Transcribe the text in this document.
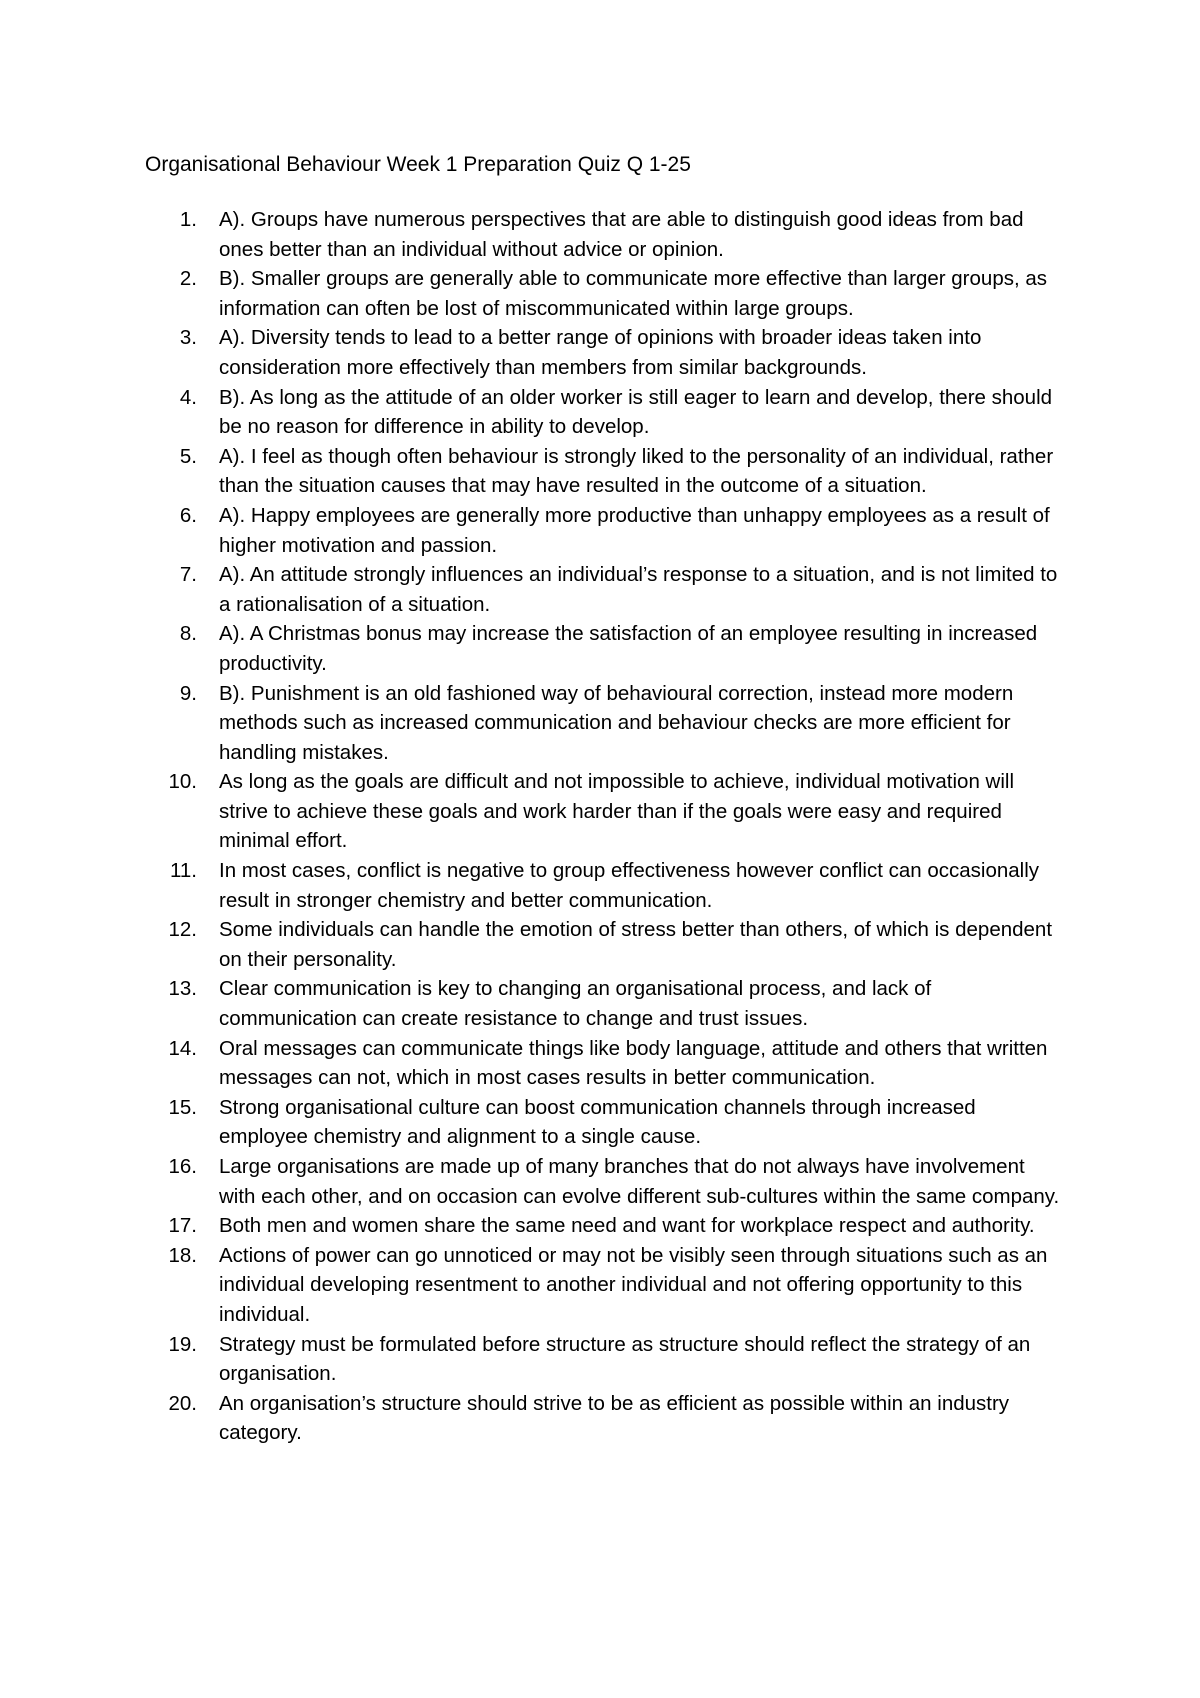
Organisational Behaviour Week 1 Preparation Quiz Q 1-25

1. A). Groups have numerous perspectives that are able to distinguish good ideas from bad ones better than an individual without advice or opinion.
2. B). Smaller groups are generally able to communicate more effective than larger groups, as information can often be lost of miscommunicated within large groups.
3. A). Diversity tends to lead to a better range of opinions with broader ideas taken into consideration more effectively than members from similar backgrounds.
4. B). As long as the attitude of an older worker is still eager to learn and develop, there should be no reason for difference in ability to develop.
5. A). I feel as though often behaviour is strongly liked to the personality of an individual, rather than the situation causes that may have resulted in the outcome of a situation.
6. A). Happy employees are generally more productive than unhappy employees as a result of higher motivation and passion.
7. A). An attitude strongly influences an individual’s response to a situation, and is not limited to a rationalisation of a situation.
8. A). A Christmas bonus may increase the satisfaction of an employee resulting in increased productivity.
9. B). Punishment is an old fashioned way of behavioural correction, instead more modern methods such as increased communication and behaviour checks are more efficient for handling mistakes.
10. As long as the goals are difficult and not impossible to achieve, individual motivation will strive to achieve these goals and work harder than if the goals were easy and required minimal effort.
11. In most cases, conflict is negative to group effectiveness however conflict can occasionally result in stronger chemistry and better communication.
12. Some individuals can handle the emotion of stress better than others, of which is dependent on their personality.
13. Clear communication is key to changing an organisational process, and lack of communication can create resistance to change and trust issues.
14. Oral messages can communicate things like body language, attitude and others that written messages can not, which in most cases results in better communication.
15. Strong organisational culture can boost communication channels through increased employee chemistry and alignment to a single cause.
16. Large organisations are made up of many branches that do not always have involvement with each other, and on occasion can evolve different sub-cultures within the same company.
17. Both men and women share the same need and want for workplace respect and authority.
18. Actions of power can go unnoticed or may not be visibly seen through situations such as an individual developing resentment to another individual and not offering opportunity to this individual.
19. Strategy must be formulated before structure as structure should reflect the strategy of an organisation.
20. An organisation’s structure should strive to be as efficient as possible within an industry category.
